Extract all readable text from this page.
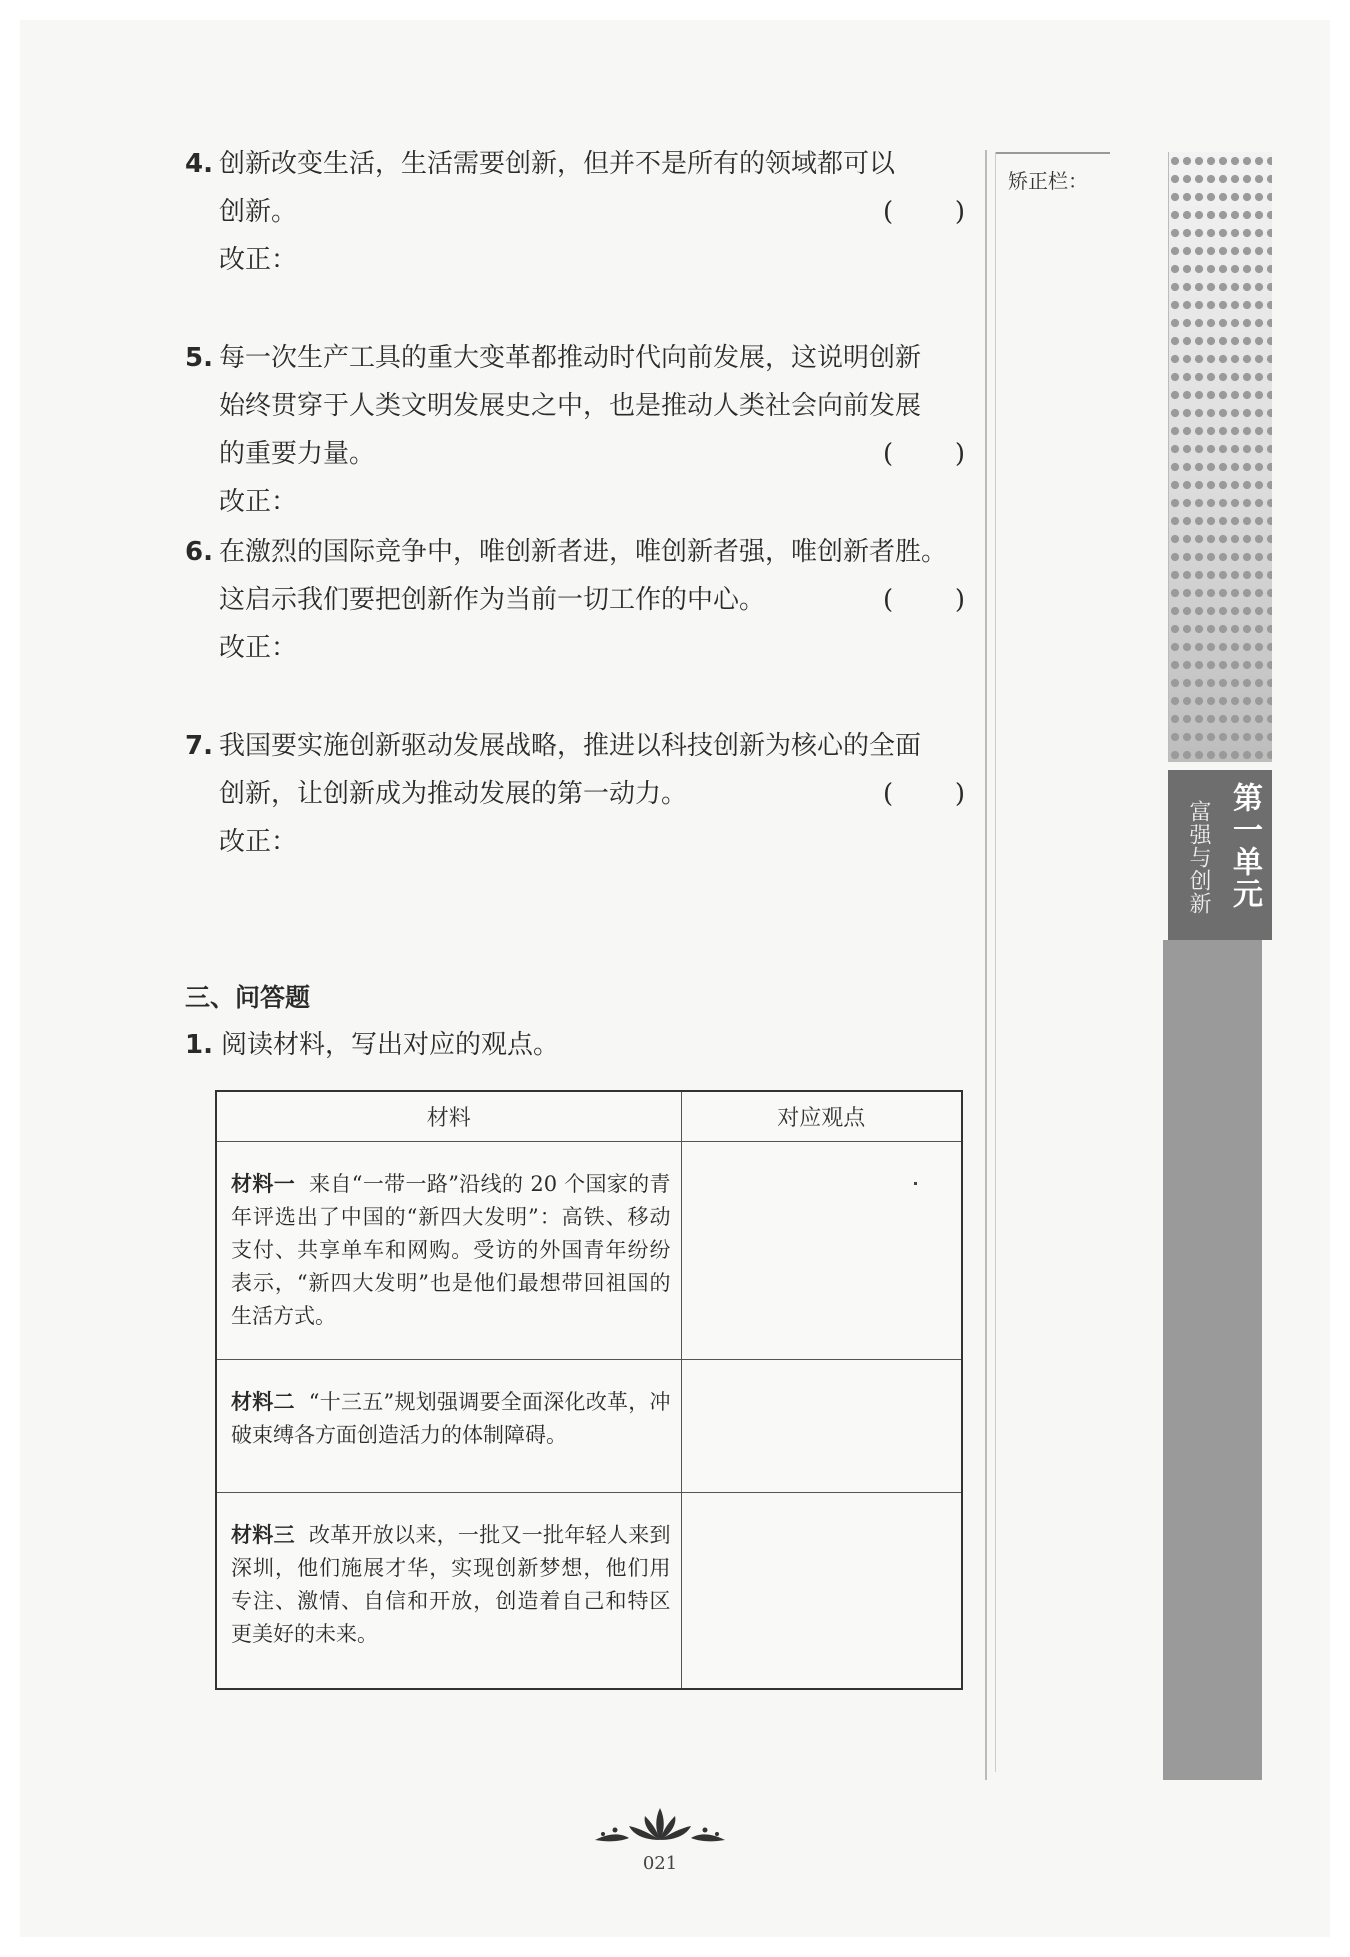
4. 创新改变生活，生活需要创新，但并不是所有的领域都可以
创新。	( )
改正：
5. 每一次生产工具的重大变革都推动时代向前发展，这说明创新
始终贯穿于人类文明发展史之中，也是推动人类社会向前发展
的重要力量。	( )
改正：
6. 在激烈的国际竞争中，唯创新者进，唯创新者强，唯创新者胜。
这启示我们要把创新作为当前一切工作的中心。	( )
改正：
7. 我国要实施创新驱动发展战略，推进以科技创新为核心的全面
创新，让创新成为推动发展的第一动力。	( )
改正：
三、问答题
1. 阅读材料，写出对应的观点。
材料	对应观点
材料一 来自“一带一路”沿线的 20 个国家的青年评选出了中国的“新四大发明”：高铁、移动支付、共享单车和网购。受访的外国青年纷纷表示，“新四大发明”也是他们最想带回祖国的生活方式。	

材料二 “十三五”规划强调要全面深化改革，冲破束缚各方面创造活力的体制障碍。	
材料三 改革开放以来，一批又一批年轻人来到深圳，他们施展才华，实现创新梦想，他们用专注、激情、自信和开放，创造着自己和特区更美好的未来。	
矫正栏：
第一单元
富强与创新
021
